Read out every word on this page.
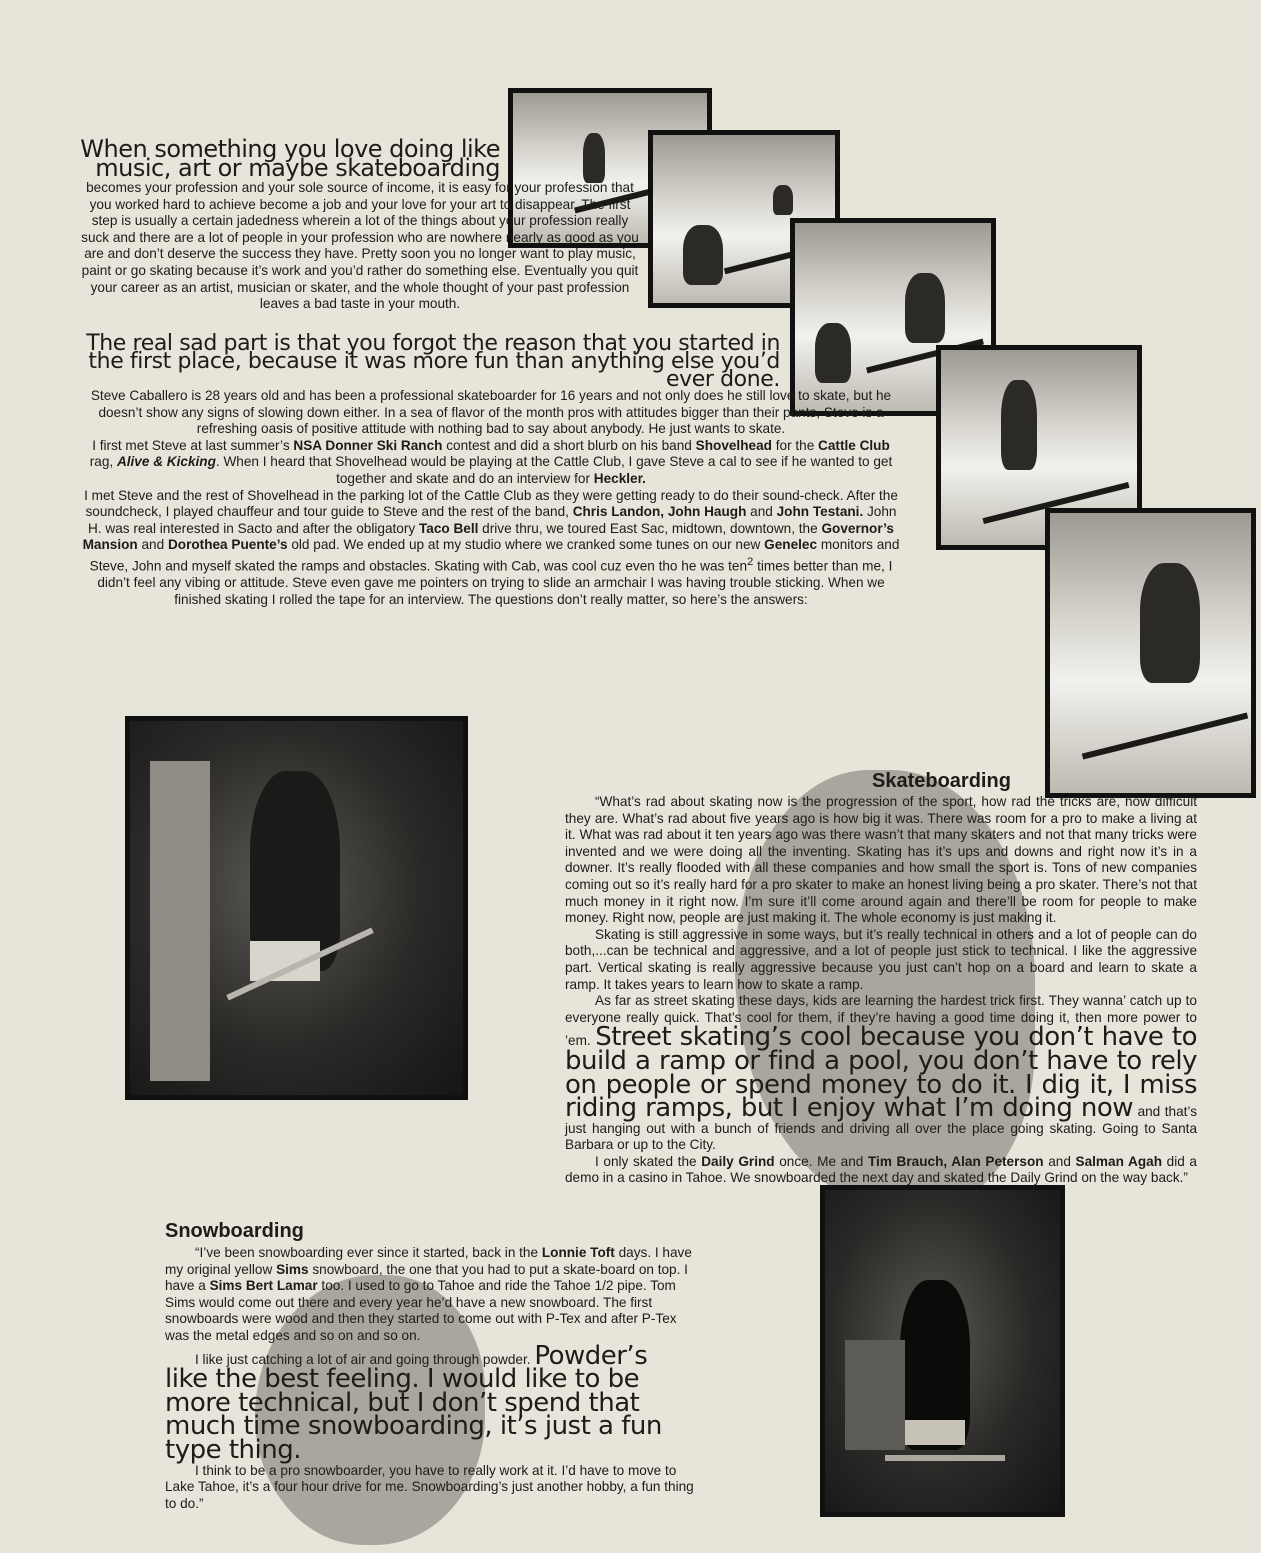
When something you love doing like music, art or maybe skateboarding
becomes your profession and your sole source of income, it is easy for your profession that you worked hard to achieve become a job and your love for your art to disappear. The first step is usually a certain jadedness wherein a lot of the things about your profession really suck and there are a lot of people in your profession who are nowhere nearly as good as you are and don’t deserve the success they have. Pretty soon you no longer want to play music, paint or go skating because it’s work and you’d rather do something else. Eventually you quit your career as an artist, musician or skater, and the whole thought of your past profession leaves a bad taste in your mouth.
The real sad part is that you forgot the reason that you started in the first place, because it was more fun than anything else you’d ever done.

Steve Caballero is 28 years old and has been a professional skateboarder for 16 years and not only does he still love to skate, but he doesn’t show any signs of slowing down either. In a sea of flavor of the month pros with attitudes bigger than their pants, Steve is a refreshing oasis of positive attitude with nothing bad to say about anybody. He just wants to skate.

I first met Steve at last summer’s NSA Donner Ski Ranch contest and did a short blurb on his band Shovelhead for the Cattle Club rag, Alive & Kicking. When I heard that Shovelhead would be playing at the Cattle Club, I gave Steve a cal to see if he wanted to get together and skate and do an interview for Heckler.

I met Steve and the rest of Shovelhead in the parking lot of the Cattle Club as they were getting ready to do their sound-check. After the soundcheck, I played chauffeur and tour guide to Steve and the rest of the band, Chris Landon, John Haugh and John Testani. John H. was real interested in Sacto and after the obligatory Taco Bell drive thru, we toured East Sac, midtown, downtown, the Governor’s Mansion and Dorothea Puente’s old pad. We ended up at my studio where we cranked some tunes on our new Genelec monitors and Steve, John and myself skated the ramps and obstacles. Skating with Cab, was cool cuz even tho he was ten$^2$ times better than me, I didn’t feel any vibing or attitude. Steve even gave me pointers on trying to slide an armchair I was having trouble sticking. When we finished skating I rolled the tape for an interview. The questions don’t really matter, so here’s the answers:

Skateboarding

“What’s rad about skating now is the progression of the sport, how rad the tricks are, how difficult they are. What’s rad about five years ago is how big it was. There was room for a pro to make a living at it. What was rad about it ten years ago was there wasn’t that many skaters and not that many tricks were invented and we were doing all the inventing. Skating has it’s ups and downs and right now it’s in a downer. It’s really flooded with all these companies and how small the sport is. Tons of new companies coming out so it’s really hard for a pro skater to make an honest living being a pro skater. There’s not that much money in it right now. I’m sure it’ll come around again and there’ll be room for people to make money. Right now, people are just making it. The whole economy is just making it.

Skating is still aggressive in some ways, but it’s really technical in others and a lot of people can do both,...can be technical and aggressive, and a lot of people just stick to technical. I like the aggressive part. Vertical skating is really aggressive because you just can’t hop on a board and learn to skate a ramp. It takes years to learn how to skate a ramp.

As far as street skating these days, kids are learning the hardest trick first. They wanna’ catch up to everyone really quick. That’s cool for them, if they’re having a good time doing it, then more power to ’em. Street skating’s cool because you don’t have to build a ramp or find a pool, you don’t have to rely on people or spend money to do it. I dig it, I miss riding ramps, but I enjoy what I’m doing now and that’s just hanging out with a bunch of friends and driving all over the place going skating. Going to Santa Barbara or up to the City.

I only skated the Daily Grind once. Me and Tim Brauch, Alan Peterson and Salman Agah did a demo in a casino in Tahoe. We snowboarded the next day and skated the Daily Grind on the way back.”

Snowboarding

“I’ve been snowboarding ever since it started, back in the Lonnie Toft days. I have my original yellow Sims snowboard, the one that you had to put a skate-board on top. I have a Sims Bert Lamar too. I used to go to Tahoe and ride the Tahoe 1/2 pipe. Tom Sims would come out there and every year he’d have a new snowboard. The first snowboards were wood and then they started to come out with P-Tex and after P-Tex was the metal edges and so on and so on.

I like just catching a lot of air and going through powder. Powder’s like the best feeling. I would like to be more technical, but I don’t spend that much time snowboarding, it’s just a fun type thing.

I think to be a pro snowboarder, you have to really work at it. I’d have to move to Lake Tahoe, it’s a four hour drive for me. Snowboarding’s just another hobby, a fun thing to do.”
